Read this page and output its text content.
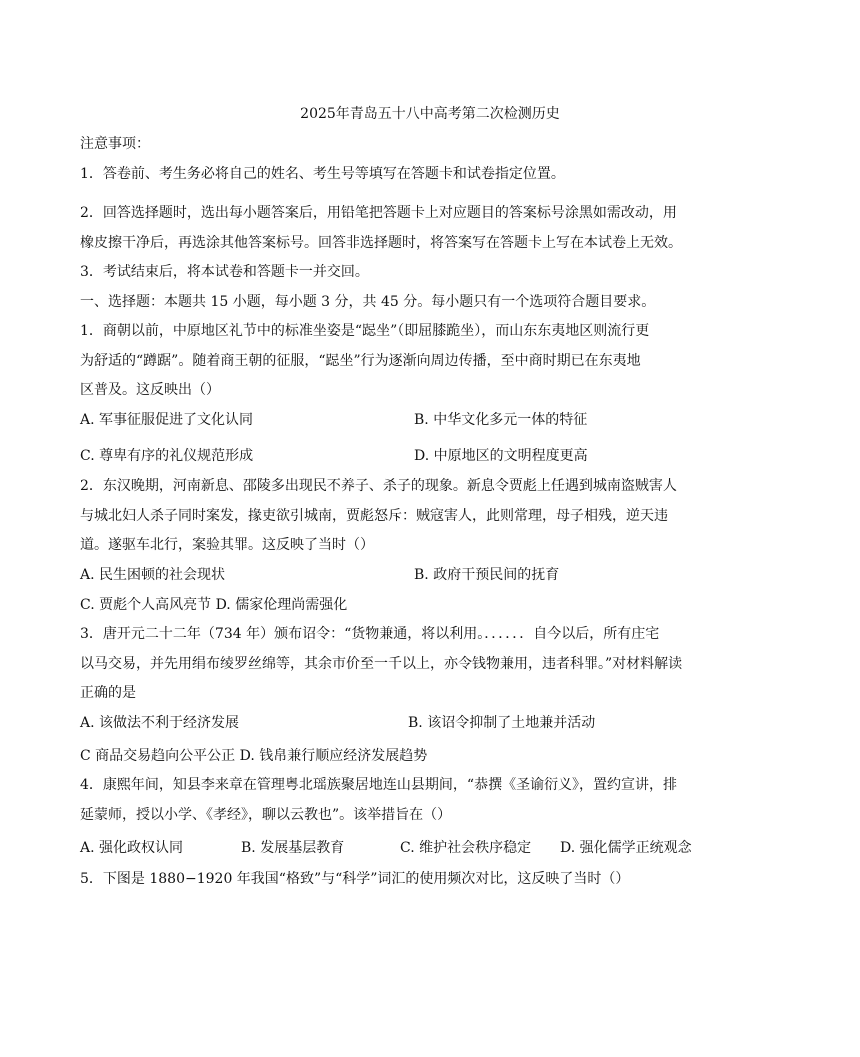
2025年青岛五十八中高考第二次检测历史
注意事项：
1．答卷前、考生务必将自己的姓名、考生号等填写在答题卡和试卷指定位置。
2．回答选择题时，选出每小题答案后，用铅笔把答题卡上对应题目的答案标号涂黑如需改动，用
橡皮擦干净后，再选涂其他答案标号。回答非选择题时，将答案写在答题卡上写在本试卷上无效。
3．考试结束后，将本试卷和答题卡一并交回。
一、选择题：本题共 15 小题，每小题 3 分，共 45 分。每小题只有一个选项符合题目要求。
1．商朝以前，中原地区礼节中的标准坐姿是“跽坐”（即屈膝跪坐），而山东东夷地区则流行更
为舒适的“蹲踞”。随着商王朝的征服，“跽坐”行为逐渐向周边传播，至中商时期已在东夷地
区普及。这反映出（）
A. 军事征服促进了文化认同	B. 中华文化多元一体的特征
C. 尊卑有序的礼仪规范形成	D. 中原地区的文明程度更高
2．东汉晚期，河南新息、邵陵多出现民不养子、杀子的现象。新息令贾彪上任遇到城南盗贼害人
与城北妇人杀子同时案发，掾吏欲引城南，贾彪怒斥：贼寇害人，此则常理，母子相残，逆天违
道。遂驱车北行，案验其罪。这反映了当时（）
A. 民生困顿的社会现状	B. 政府干预民间的抚育
C. 贾彪个人高风亮节 D. 儒家伦理尚需强化
3．唐开元二十二年（734 年）颁布诏令：“货物兼通，将以利用。．．．．．．自今以后，所有庄宅
以马交易，并先用绢布绫罗丝绵等，其余市价至一千以上，亦令钱物兼用，违者科罪。”对材料解读
正确的是
A. 该做法不利于经济发展	B. 该诏令抑制了土地兼并活动
C 商品交易趋向公平公正 D. 钱帛兼行顺应经济发展趋势
4．康熙年间，知县李来章在管理粤北瑶族聚居地连山县期间，“恭撰《圣谕衍义》，置约宣讲，排
延蒙师，授以小学、《孝经》，聊以云教也”。该举措旨在（）
A. 强化政权认同	B. 发展基层教育	C. 维护社会秩序稳定 D. 强化儒学正统观念
5．下图是 1880−1920 年我国“格致”与“科学”词汇的使用频次对比，这反映了当时（）
